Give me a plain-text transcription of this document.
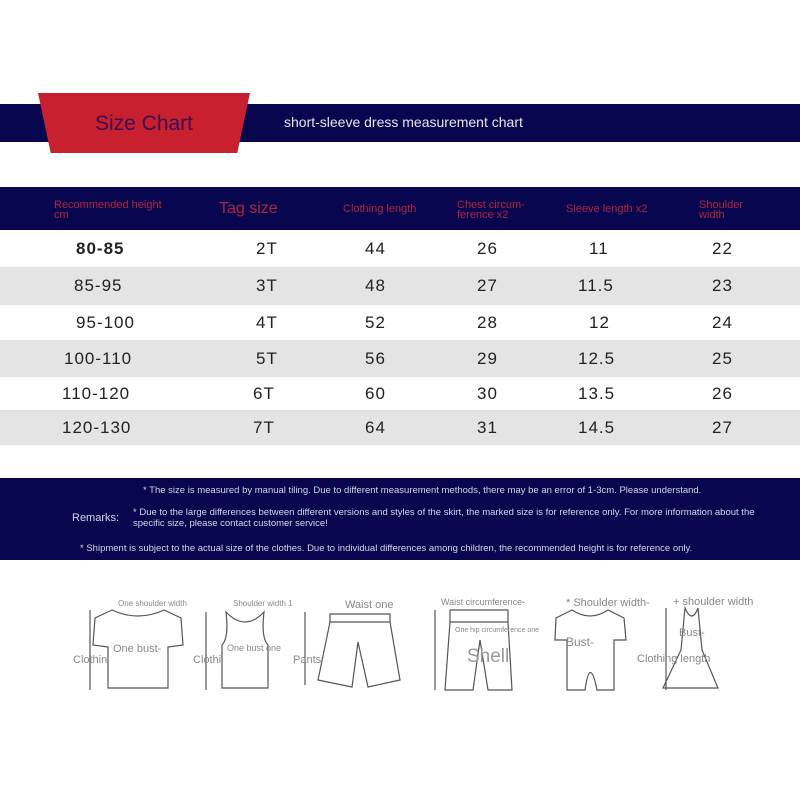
Size Chart	short-sleeve dress measurement chart
Recommended height cm	Tag size	Clothing length	Chest circum- ference x2	Sleeve length x2	Shoulder width
80-85	2T	44	26	11	22
85-95	3T	48	27	11.5	23
95-100	4T	52	28	12	24
100-110	5T	56	29	12.5	25
110-120	6T	60	30	13.5	26
120-130	7T	64	31	14.5	27
* The size is measured by manual tiling. Due to different measurement methods, there may be an error of 1-3cm. Please understand.
Remarks: * Due to the large differences between different versions and styles of the skirt, the marked size is for reference only. For more information about the specific size, please contact customer service!
* Shipment is subject to the actual size of the clothes. Due to individual differences among children, the recommended height is for reference only.
One shoulder width
One bust-
Clothin
Shoulder width 1
One bust one
Clothi
Waist one
Pants
Waist circumference-
One hip circumference one
Shell
* Shoulder width-
Bust-
+ shoulder width
Bust-
Clothing length
